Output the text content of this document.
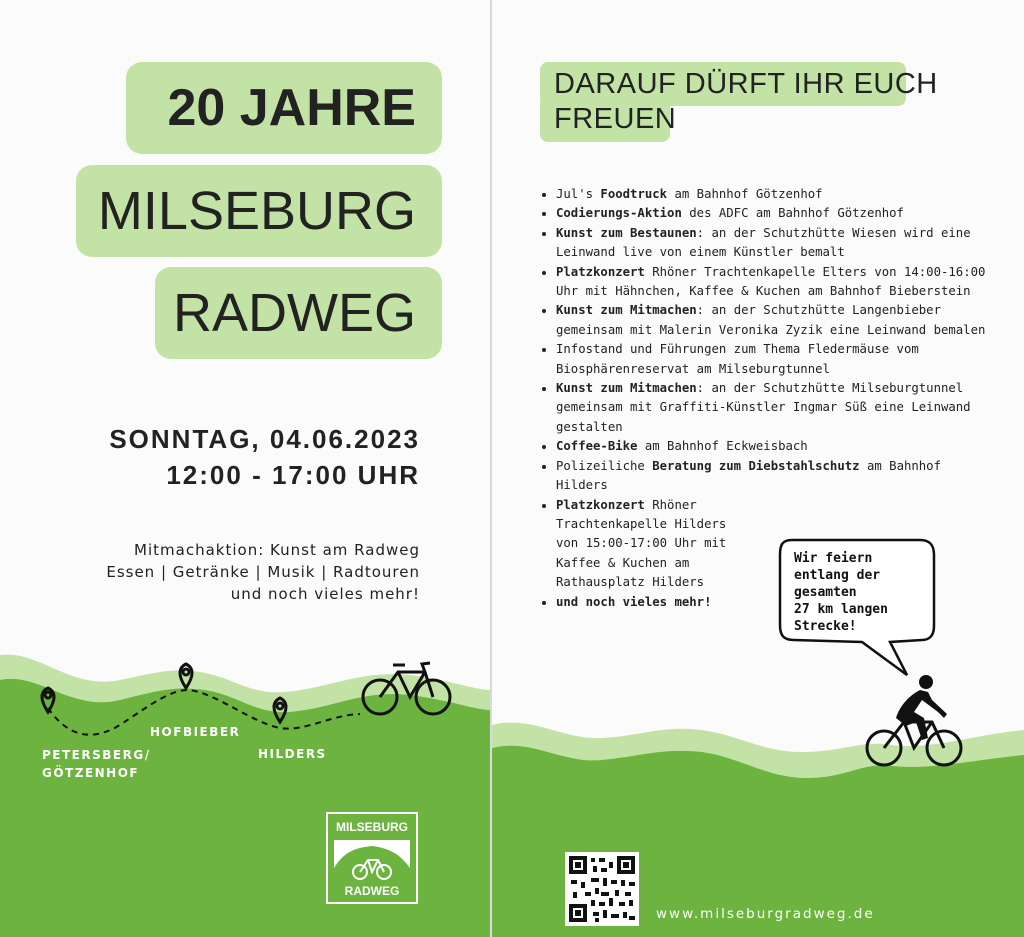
20 JAHRE
MILSEBURG
RADWEG
SONNTAG, 04.06.2023
12:00 - 17:00 UHR
Mitmachaktion: Kunst am Radweg
Essen | Getränke | Musik | Radtouren
und noch vieles mehr!
PETERSBERG/
GÖTZENHOF
HOFBIEBER
HILDERS
MILSEBURG
RADWEG
DARAUF DÜRFT IHR EUCH
FREUEN
• Jul's Foodtruck am Bahnhof Götzenhof
• Codierungs-Aktion des ADFC am Bahnhof Götzenhof
• Kunst zum Bestaunen: an der Schutzhütte Wiesen wird eine Leinwand live von einem Künstler bemalt
• Platzkonzert Rhöner Trachtenkapelle Elters von 14:00-16:00 Uhr mit Hähnchen, Kaffee & Kuchen am Bahnhof Bieberstein
• Kunst zum Mitmachen: an der Schutzhütte Langenbieber gemeinsam mit Malerin Veronika Zyzik eine Leinwand bemalen
• Infostand und Führungen zum Thema Fledermäuse vom Biosphärenreservat am Milseburgtunnel
• Kunst zum Mitmachen: an der Schutzhütte Milseburgtunnel gemeinsam mit Graffiti-Künstler Ingmar Süß eine Leinwand gestalten
• Coffee-Bike am Bahnhof Eckweisbach
• Polizeiliche Beratung zum Diebstahlschutz am Bahnhof Hilders
• Platzkonzert Rhöner Trachtenkapelle Hilders von 15:00-17:00 Uhr mit Kaffee & Kuchen am Rathausplatz Hilders
• und noch vieles mehr!
Wir feiern
entlang der
gesamten
27 km langen
Strecke!
www.milseburgradweg.de
